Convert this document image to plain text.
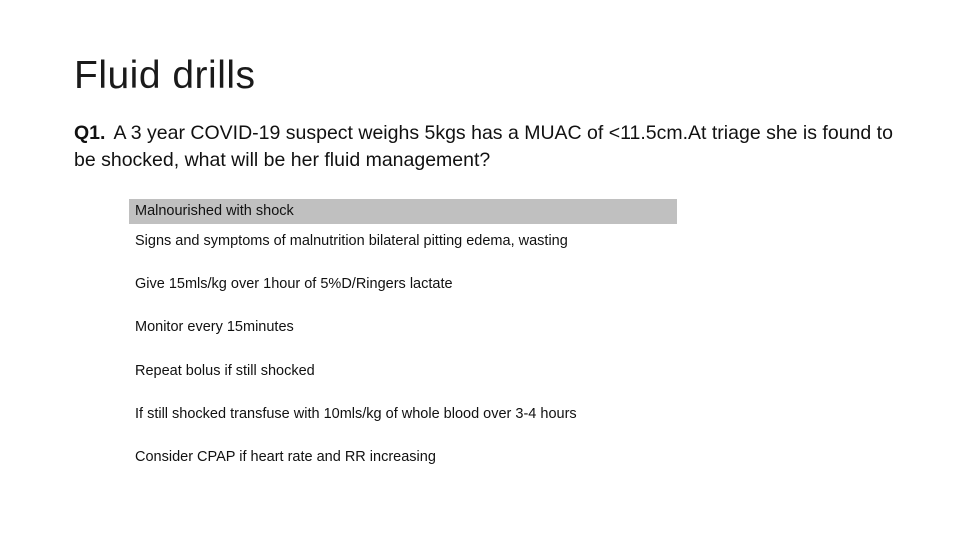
Fluid drills

Q1. A 3 year COVID-19 suspect weighs 5kgs has a MUAC of <11.5cm.At triage she is found to be shocked, what will be her fluid management?

Malnourished with shock
Signs and symptoms of malnutrition bilateral pitting edema, wasting
Give 15mls/kg over 1hour of 5%D/Ringers lactate
Monitor every 15minutes
Repeat bolus if still shocked
If still shocked transfuse with 10mls/kg of whole blood over 3-4 hours
Consider CPAP if heart rate and RR increasing
